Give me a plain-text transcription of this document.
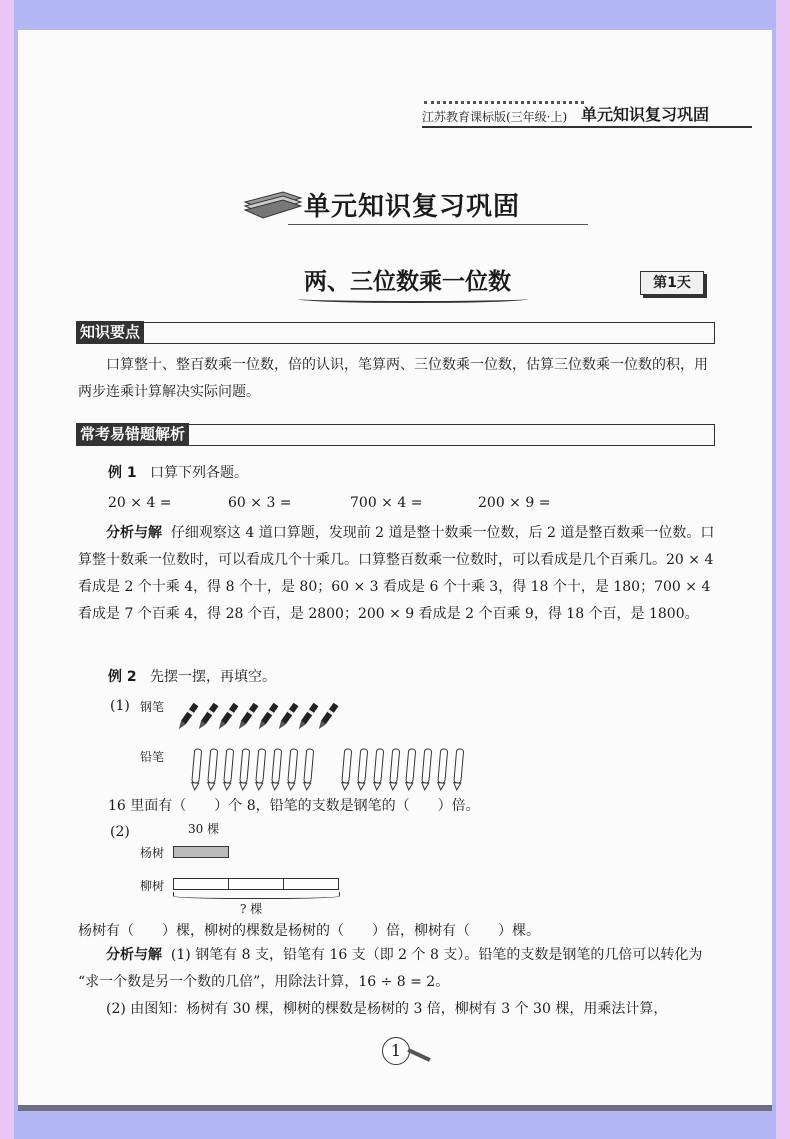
江苏教育课标版(三年级·上) 单元知识复习巩固
单元知识复习巩固
两、三位数乘一位数	第1天
知识要点
口算整十、整百数乘一位数，倍的认识，笔算两、三位数乘一位数，估算三位数乘一位数的积，用两步连乘计算解决实际问题。
常考易错题解析
例 1 口算下列各题。
20 × 4 =	60 × 3 =	700 × 4 =	200 × 9 =
分析与解 仔细观察这 4 道口算题，发现前 2 道是整十数乘一位数，后 2 道是整百数乘一位数。口算整十数乘一位数时，可以看成几个十乘几。口算整百数乘一位数时，可以看成是几个百乘几。20 × 4 看成是 2 个十乘 4，得 8 个十，是 80；60 × 3 看成是 6 个十乘 3，得 18 个十，是 180；700 × 4 看成是 7 个百乘 4，得 28 个百，是 2800；200 × 9 看成是 2 个百乘 9，得 18 个百，是 1800。
例 2 先摆一摆，再填空。
(1) 钢笔
铅笔
16 里面有（　　）个 8，铅笔的支数是钢笔的（　　）倍。
(2)	30 棵
杨树
柳树
? 棵
杨树有（　　）棵，柳树的棵数是杨树的（　　）倍，柳树有（　　）棵。
分析与解 (1) 钢笔有 8 支，铅笔有 16 支（即 2 个 8 支）。铅笔的支数是钢笔的几倍可以转化为 “求一个数是另一个数的几倍”，用除法计算，16 ÷ 8 = 2。
(2) 由图知：杨树有 30 棵，柳树的棵数是杨树的 3 倍，柳树有 3 个 30 棵，用乘法计算，
1
